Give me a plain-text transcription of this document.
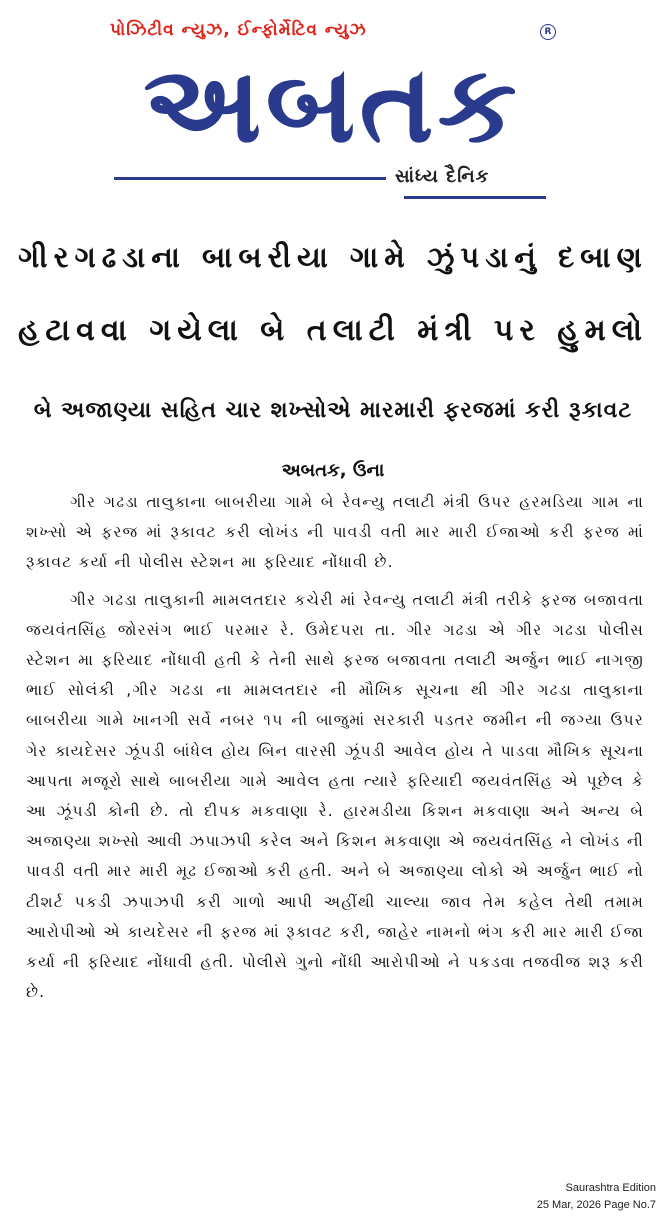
પોઝિટીવ ન્યુઝ, ઈન્ફોર્મેટિવ ન્યુઝ	R
અબતક
સાંધ્ય દૈનિક
ગીરગઢડાના બાબરીયા ગામે ઝુંપડાનું દબાણ
હટાવવા ગયેલા બે તલાટી મંત્રી પર હુમલો
બે અજાણ્યા સહિત ચાર શખ્સોએ મારમારી ફરજમાં કરી રૂકાવટ
અબતક, ઉના

ગીર ગઢડા તાલુકાના બાબરીયા ગામે બે રેવન્યુ તલાટી મંત્રી ઉપર હરમડિયા ગામ ના શખ્સો એ ફરજ માં રૂકાવટ કરી લોખંડ ની પાવડી વતી માર મારી ઈજાઓ કરી ફરજ માં રૂકાવટ કર્યા ની પોલીસ સ્ટેશન મા ફરિયાદ નોંધાવી છે.

ગીર ગઢડા તાલુકાની મામલતદાર કચેરી માં રેવન્યુ તલાટી મંત્રી તરીકે ફરજ બજાવતા જયવંતસિંહ જોરસંગ ભાઈ પરમાર રે. ઉમેદપરા તા. ગીર ગઢડા એ ગીર ગઢડા પોલીસ સ્ટેશન મા ફરિયાદ નોંધાવી હતી કે તેની સાથે ફરજ બજાવતા તલાટી અર્જુન ભાઈ નાગજી ભાઈ સોલંકી ,ગીર ગઢડા ના મામલતદાર ની મૌખિક સૂચના થી ગીર ગઢડા તાલુકાના બાબરીયા ગામે ખાનગી સર્વે નબર ૧૫ ની બાજુમાં સરકારી પડતર જમીન ની જગ્યા ઉપર ગેર કાયદેસર ઝૂંપડી બાંધેલ હોય બિન વારસી ઝૂંપડી આવેલ હોય તે પાડવા મૌખિક સૂચના આપતા મજૂરો સાથે બાબરીયા ગામે આવેલ હતા ત્યારે ફરિયાદી જયવંતસિંહ એ પૂછેલ કે આ ઝૂંપડી કોની છે. તો દીપક મકવાણા રે. હારમડીયા કિશન મકવાણા અને અન્ય બે અજાણ્યા શખ્સો આવી ઝપાઝપી કરેલ અને કિશન મકવાણા એ જયવંતસિંહ ને લોખંડ ની પાવડી વતી માર મારી મૂઢ ઈજાઓ કરી હતી. અને બે અજાણ્યા લોકો એ અર્જુન ભાઈ નો ટીશર્ટ પકડી ઝપાઝપી કરી ગાળો આપી અહીંથી ચાલ્યા જાવ તેમ કહેલ તેથી તમામ આરોપીઓ એ કાયદેસર ની ફરજ માં રૂકાવટ કરી, જાહેર નામનો ભંગ કરી માર મારી ઈજા કર્યા ની ફરિયાદ નોંધાવી હતી. પોલીસે ગુનો નોંધી આરોપીઓ ને પકડવા તજવીજ શરૂ કરી છે.

Saurashtra Edition
25 Mar, 2026 Page No.7
